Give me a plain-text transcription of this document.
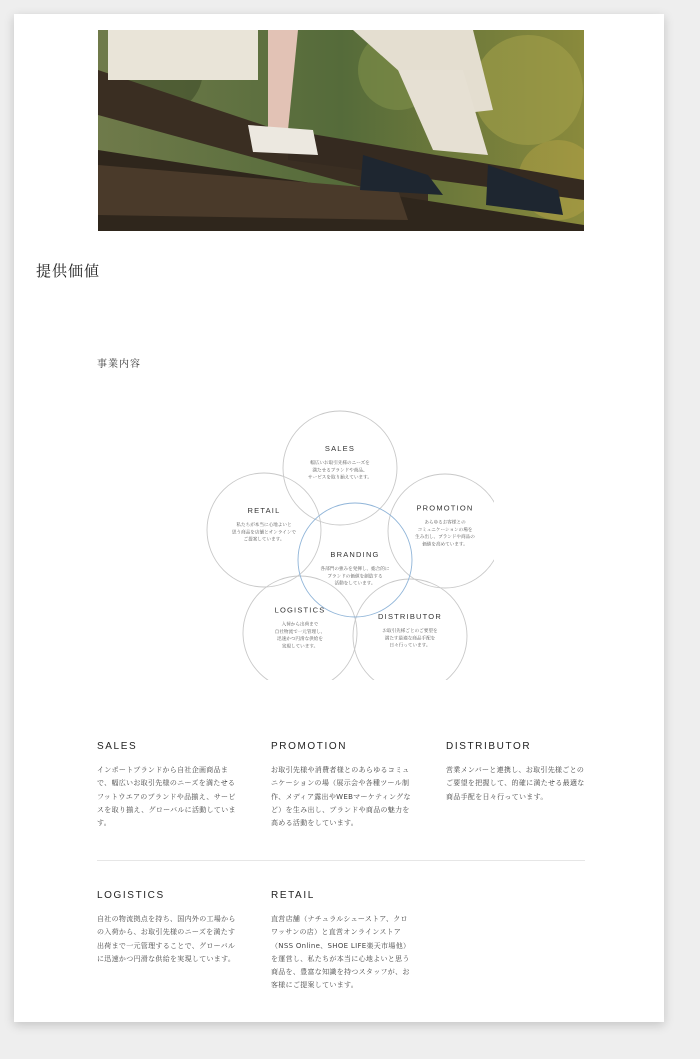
提供価値
事業内容
SALES
幅広いお取引先様のニーズを
満たせるブランドや商品、
サービスを取り揃えています。
PROMOTION
あらゆるお客様との
コミュニケーションの場を
生み出し、ブランドや商品の
価値を高めています。
DISTRIBUTOR
お取引先様ごとのご要望を
満たす最適な商品手配を
日々行っています。
LOGISTICS
入荷から出荷まで
自社物流で一元管理し、
迅速かつ円滑な供給を
実現しています。
RETAIL
私たちが本当に心地よいと
思う商品を店舗とオンラインで
ご提案しています。
BRANDING
各部門の強みを発揮し、総合的に
ブランドの価値を創造する
活動をしています。

SALES

インポートブランドから自社企画商品まで、幅広いお取引先様のニーズを満たせるフットウエアのブランドや品揃え、サービスを取り揃え、グローバルに活動しています。

PROMOTION

お取引先様や消費者様とのあらゆるコミュニケーションの場（展示会や各種ツール制作、メディア露出やWEBマーケティングなど）を生み出し、ブランドや商品の魅力を高める活動をしています。

DISTRIBUTOR

営業メンバーと連携し、お取引先様ごとのご要望を把握して、的確に満たせる最適な商品手配を日々行っています。

LOGISTICS

自社の物流拠点を持ち、国内外の工場からの入荷から、お取引先様のニーズを満たす出荷まで一元管理することで、グローバルに迅速かつ円滑な供給を実現しています。

RETAIL

直営店舗（ナチュラルシューストア、クロワッサンの店）と直営オンラインストア（NSS Online、SHOE LIFE楽天市場他）を運営し、私たちが本当に心地よいと思う商品を、豊富な知識を持つスタッフが、お客様にご提案しています。
